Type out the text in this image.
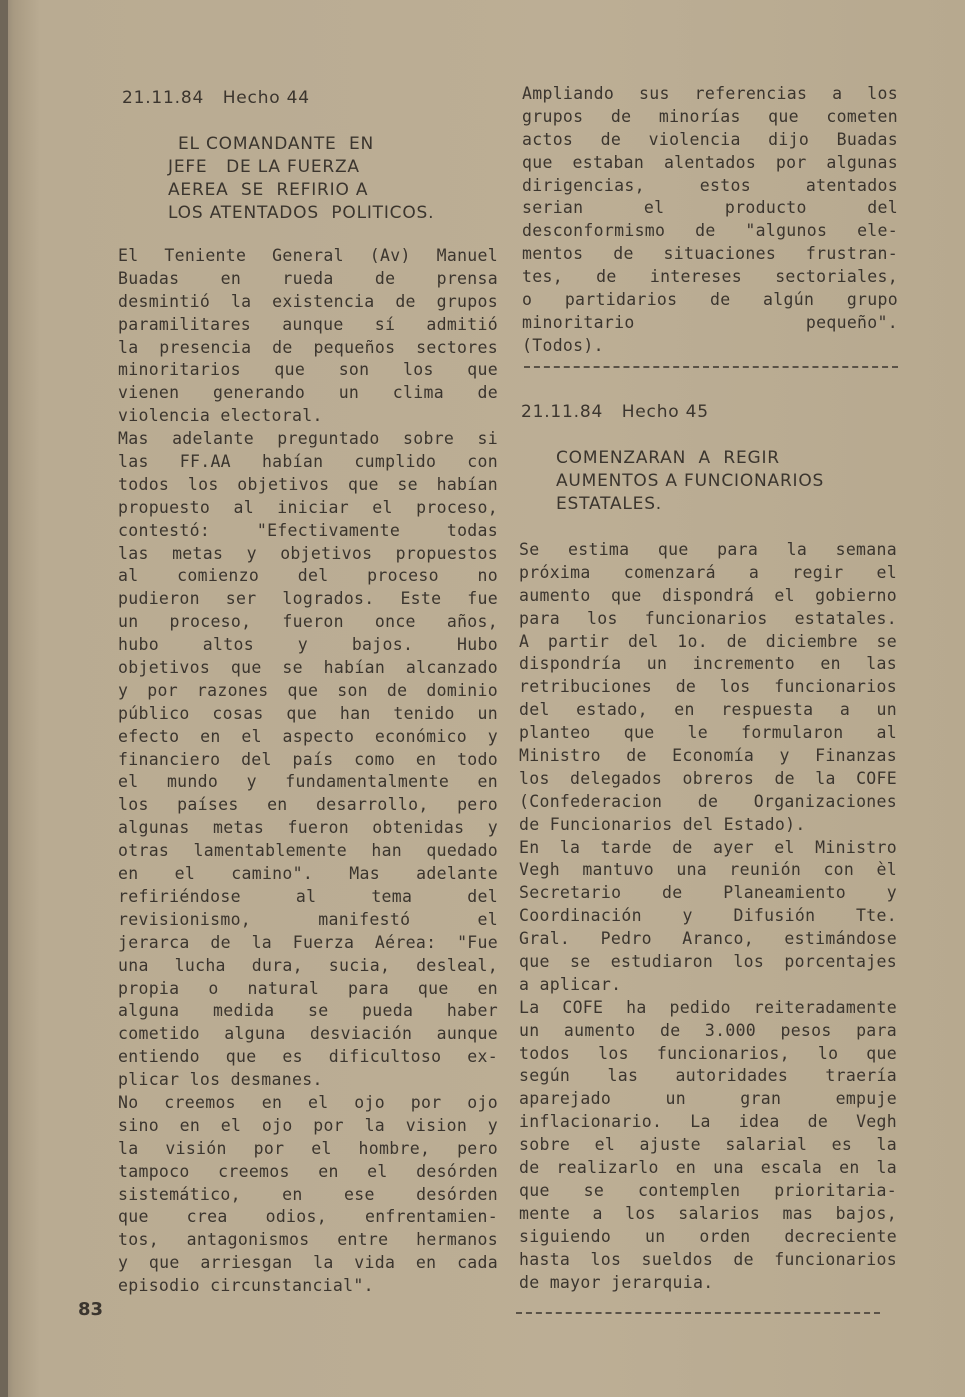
21.11.84   Hecho 44
EL COMANDANTE  EN
JEFE   DE LA FUERZA
AEREA  SE  REFIRIO A
LOS ATENTADOS  POLITICOS.
El Teniente General (Av) Manuel
Buadas en rueda de prensa
desmintió la existencia de grupos
paramilitares aunque sí admitió
la presencia de pequeños sectores
minoritarios que son los que
vienen generando un clima de
violencia electoral.
Mas adelante preguntado sobre si
las FF.AA habían cumplido con
todos los objetivos que se habían
propuesto al iniciar el proceso,
contestó: "Efectivamente todas
las metas y objetivos propuestos
al comienzo del proceso no
pudieron ser logrados. Este fue
un proceso, fueron once años,
hubo altos y bajos. Hubo
objetivos que se habían alcanzado
y por razones que son de dominio
público cosas que han tenido un
efecto en el aspecto económico y
financiero del país como en todo
el mundo y fundamentalmente en
los países en desarrollo, pero
algunas metas fueron obtenidas y
otras lamentablemente han quedado
en el camino". Mas adelante
refiriéndose al tema del
revisionismo, manifestó el
jerarca de la Fuerza Aérea: "Fue
una lucha dura, sucia, desleal,
propia o natural para que en
alguna medida se pueda haber
cometido alguna desviación aunque
entiendo que es dificultoso ex-
plicar los desmanes.
No creemos en el ojo por ojo
sino en el ojo por la vision y
la visión por el hombre, pero
tampoco creemos en el desórden
sistemático, en ese desórden
que crea odios, enfrentamien-
tos, antagonismos entre hermanos
y que arriesgan la vida en cada
episodio circunstancial".
83
Ampliando sus referencias a los
grupos de minorías que cometen
actos de violencia dijo Buadas
que estaban alentados por algunas
dirigencias, estos atentados
serian el producto del
desconformismo de "algunos ele-
mentos de situaciones frustran-
tes, de intereses sectoriales,
o partidarios de algún grupo
minoritario pequeño".
(Todos).
21.11.84   Hecho 45
COMENZARAN  A  REGIR
AUMENTOS A FUNCIONARIOS
ESTATALES.
Se estima que para la semana
próxima comenzará a regir el
aumento que dispondrá el gobierno
para los funcionarios estatales.
A partir del 1o. de diciembre se
dispondría un incremento en las
retribuciones de los funcionarios
del estado, en respuesta a un
planteo que le formularon al
Ministro de Economía y Finanzas
los delegados obreros de la COFE
(Confederacion de Organizaciones
de Funcionarios del Estado).
En la tarde de ayer el Ministro
Vegh mantuvo una reunión con èl
Secretario de Planeamiento y
Coordinación y Difusión Tte.
Gral. Pedro Aranco, estimándose
que se estudiaron los porcentajes
a aplicar.
La COFE ha pedido reiteradamente
un aumento de 3.000 pesos para
todos los funcionarios, lo que
según las autoridades traería
aparejado un gran empuje
inflacionario. La idea de Vegh
sobre el ajuste salarial es la
de realizarlo en una escala en la
que se contemplen prioritaria-
mente a los salarios mas bajos,
siguiendo un orden decreciente
hasta los sueldos de funcionarios
de mayor jerarquia.
